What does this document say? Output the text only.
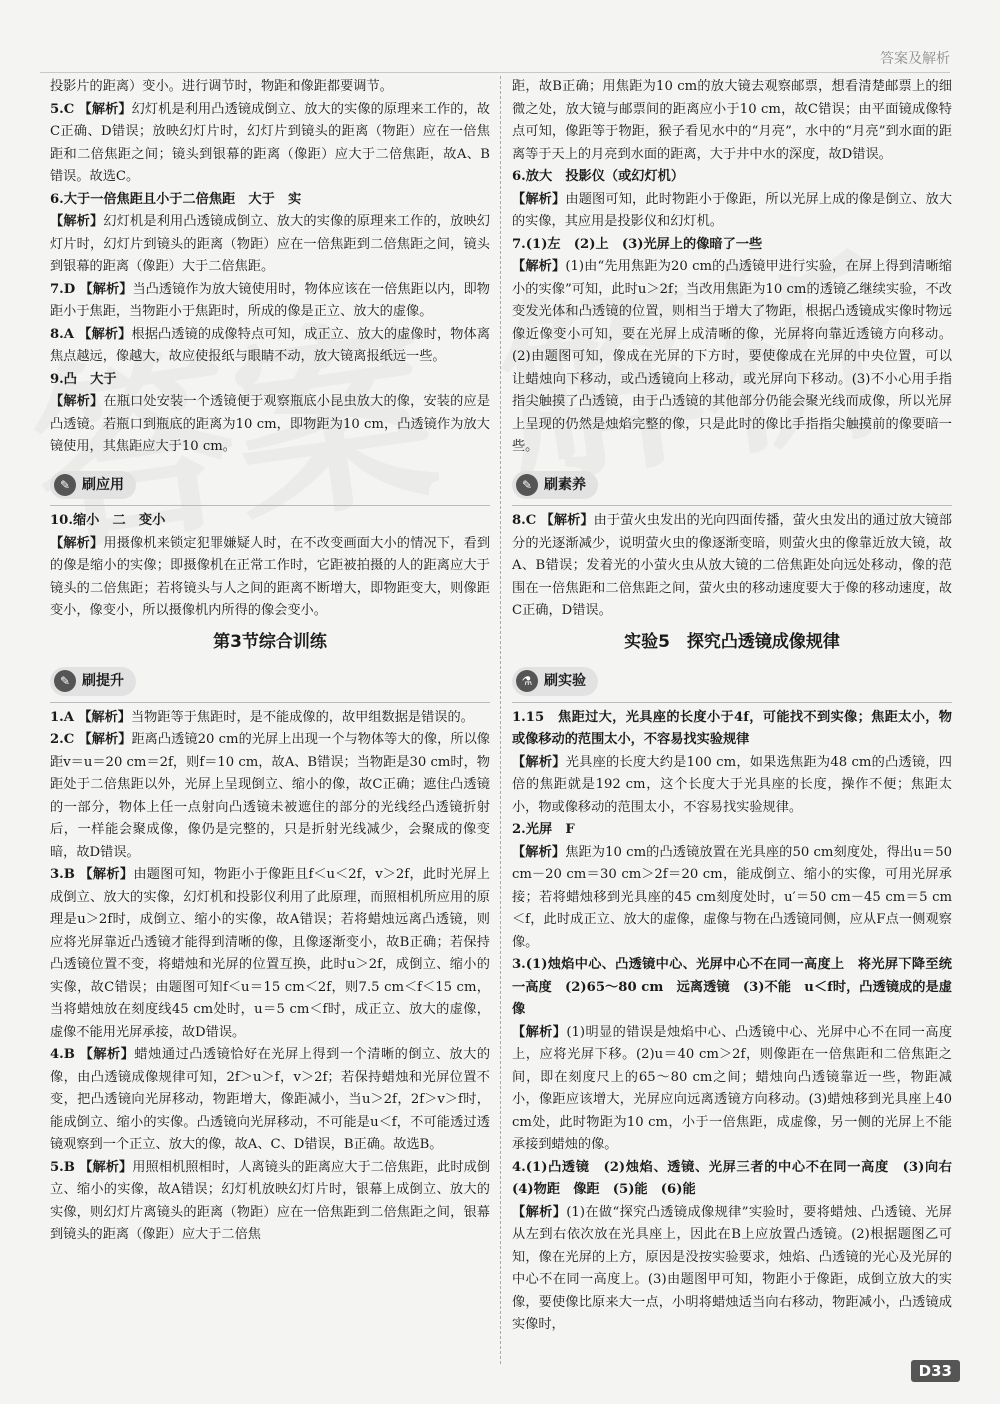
答案及解析

投影片的距离）变小。进行调节时，物距和像距都要调节。

5.C 【解析】幻灯机是利用凸透镜成倒立、放大的实像的原理来工作的，故C正确、D错误；放映幻灯片时，幻灯片到镜头的距离（物距）应在一倍焦距和二倍焦距之间；镜头到银幕的距离（像距）应大于二倍焦距，故A、B错误。故选C。

6.大于一倍焦距且小于二倍焦距　大于　实

【解析】幻灯机是利用凸透镜成倒立、放大的实像的原理来工作的，放映幻灯片时，幻灯片到镜头的距离（物距）应在一倍焦距到二倍焦距之间，镜头到银幕的距离（像距）大于二倍焦距。

7.D 【解析】当凸透镜作为放大镜使用时，物体应该在一倍焦距以内，即物距小于焦距，当物距小于焦距时，所成的像是正立、放大的虚像。

8.A 【解析】根据凸透镜的成像特点可知，成正立、放大的虚像时，物体离焦点越远，像越大，故应使报纸与眼睛不动，放大镜离报纸远一些。

9.凸　大于

【解析】在瓶口处安装一个透镜便于观察瓶底小昆虫放大的像，安装的应是凸透镜。若瓶口到瓶底的距离为10 cm，即物距为10 cm，凸透镜作为放大镜使用，其焦距应大于10 cm。

✎ 刷应用

10.缩小　二　变小

【解析】用摄像机来锁定犯罪嫌疑人时，在不改变画面大小的情况下，看到的像是缩小的实像；即摄像机在正常工作时，它距被拍摄的人的距离应大于镜头的二倍焦距；若将镜头与人之间的距离不断增大，即物距变大，则像距变小，像变小，所以摄像机内所得的像会变小。

第3节综合训练
✎ 刷提升

1.A 【解析】当物距等于焦距时，是不能成像的，故甲组数据是错误的。

2.C 【解析】距离凸透镜20 cm的光屏上出现一个与物体等大的像，所以像距v＝u＝20 cm＝2f，则f＝10 cm，故A、B错误；当物距是30 cm时，物距处于二倍焦距以外，光屏上呈现倒立、缩小的像，故C正确；遮住凸透镜的一部分，物体上任一点射向凸透镜未被遮住的部分的光线经凸透镜折射后，一样能会聚成像，像仍是完整的，只是折射光线减少，会聚成的像变暗，故D错误。

3.B 【解析】由题图可知，物距小于像距且f＜u＜2f，v＞2f，此时光屏上成倒立、放大的实像，幻灯机和投影仪利用了此原理，而照相机所应用的原理是u＞2f时，成倒立、缩小的实像，故A错误；若将蜡烛远离凸透镜，则应将光屏靠近凸透镜才能得到清晰的像，且像逐渐变小，故B正确；若保持凸透镜位置不变，将蜡烛和光屏的位置互换，此时u＞2f，成倒立、缩小的实像，故C错误；由题图可知f＜u＝15 cm＜2f，则7.5 cm＜f＜15 cm，当将蜡烛放在刻度线45 cm处时，u＝5 cm＜f时，成正立、放大的虚像，虚像不能用光屏承接，故D错误。

4.B 【解析】蜡烛通过凸透镜恰好在光屏上得到一个清晰的倒立、放大的像，由凸透镜成像规律可知，2f＞u＞f，v＞2f；若保持蜡烛和光屏位置不变，把凸透镜向光屏移动，物距增大，像距减小，当u＞2f，2f＞v＞f时，能成倒立、缩小的实像。凸透镜向光屏移动，不可能是u＜f，不可能透过透镜观察到一个正立、放大的像，故A、C、D错误，B正确。故选B。

5.B 【解析】用照相机照相时，人离镜头的距离应大于二倍焦距，此时成倒立、缩小的实像，故A错误；幻灯机放映幻灯片时，银幕上成倒立、放大的实像，则幻灯片离镜头的距离（物距）应在一倍焦距到二倍焦距之间，银幕到镜头的距离（像距）应大于二倍焦

距，故B正确；用焦距为10 cm的放大镜去观察邮票，想看清楚邮票上的细微之处，放大镜与邮票间的距离应小于10 cm，故C错误；由平面镜成像特点可知，像距等于物距，猴子看见水中的“月亮”，水中的“月亮”到水面的距离等于天上的月亮到水面的距离，大于井中水的深度，故D错误。

6.放大　投影仪（或幻灯机）

【解析】由题图可知，此时物距小于像距，所以光屏上成的像是倒立、放大的实像，其应用是投影仪和幻灯机。

7.(1)左　(2)上　(3)光屏上的像暗了一些

【解析】(1)由“先用焦距为20 cm的凸透镜甲进行实验，在屏上得到清晰缩小的实像”可知，此时u＞2f；当改用焦距为10 cm的透镜乙继续实验，不改变发光体和凸透镜的位置，则相当于增大了物距，根据凸透镜成实像时物远像近像变小可知，要在光屏上成清晰的像，光屏将向靠近透镜方向移动。(2)由题图可知，像成在光屏的下方时，要使像成在光屏的中央位置，可以让蜡烛向下移动，或凸透镜向上移动，或光屏向下移动。(3)不小心用手指指尖触摸了凸透镜，由于凸透镜的其他部分仍能会聚光线而成像，所以光屏上呈现的仍然是烛焰完整的像，只是此时的像比手指指尖触摸前的像要暗一些。

✎ 刷素养

8.C 【解析】由于萤火虫发出的光向四面传播，萤火虫发出的通过放大镜部分的光逐渐减少，说明萤火虫的像逐渐变暗，则萤火虫的像靠近放大镜，故A、B错误；发着光的小萤火虫从放大镜的二倍焦距处向远处移动，像的范围在一倍焦距和二倍焦距之间，萤火虫的移动速度要大于像的移动速度，故C正确，D错误。

实验5　探究凸透镜成像规律
⚗ 刷实验

1.15　焦距过大，光具座的长度小于4f，可能找不到实像；焦距太小，物或像移动的范围太小，不容易找实验规律

【解析】光具座的长度大约是100 cm，如果选焦距为48 cm的凸透镜，四倍的焦距就是192 cm，这个长度大于光具座的长度，操作不便；焦距太小，物或像移动的范围太小，不容易找实验规律。

2.光屏　F

【解析】焦距为10 cm的凸透镜放置在光具座的50 cm刻度处，得出u＝50 cm－20 cm＝30 cm＞2f＝20 cm，能成倒立、缩小的实像，可用光屏承接；若将蜡烛移到光具座的45 cm刻度处时，u′＝50 cm－45 cm＝5 cm＜f，此时成正立、放大的虚像，虚像与物在凸透镜同侧，应从F点一侧观察像。

3.(1)烛焰中心、凸透镜中心、光屏中心不在同一高度上　将光屏下降至统一高度　(2)65～80 cm　远离透镜　(3)不能　u＜f时，凸透镜成的是虚像

【解析】(1)明显的错误是烛焰中心、凸透镜中心、光屏中心不在同一高度上，应将光屏下移。(2)u＝40 cm＞2f，则像距在一倍焦距和二倍焦距之间，即在刻度尺上的65～80 cm之间；蜡烛向凸透镜靠近一些，物距减小，像距应该增大，光屏应向远离透镜方向移动。(3)蜡烛移到光具座上40 cm处，此时物距为10 cm，小于一倍焦距，成虚像，另一侧的光屏上不能承接到蜡烛的像。

4.(1)凸透镜　(2)烛焰、透镜、光屏三者的中心不在同一高度　(3)向右　(4)物距　像距　(5)能　(6)能

【解析】(1)在做“探究凸透镜成像规律”实验时，要将蜡烛、凸透镜、光屏从左到右依次放在光具座上，因此在B上应放置凸透镜。(2)根据题图乙可知，像在光屏的上方，原因是没按实验要求，烛焰、凸透镜的光心及光屏的中心不在同一高度上。(3)由题图甲可知，物距小于像距，成倒立放大的实像，要使像比原来大一点，小明将蜡烛适当向右移动，物距减小，凸透镜成实像时，

D33
